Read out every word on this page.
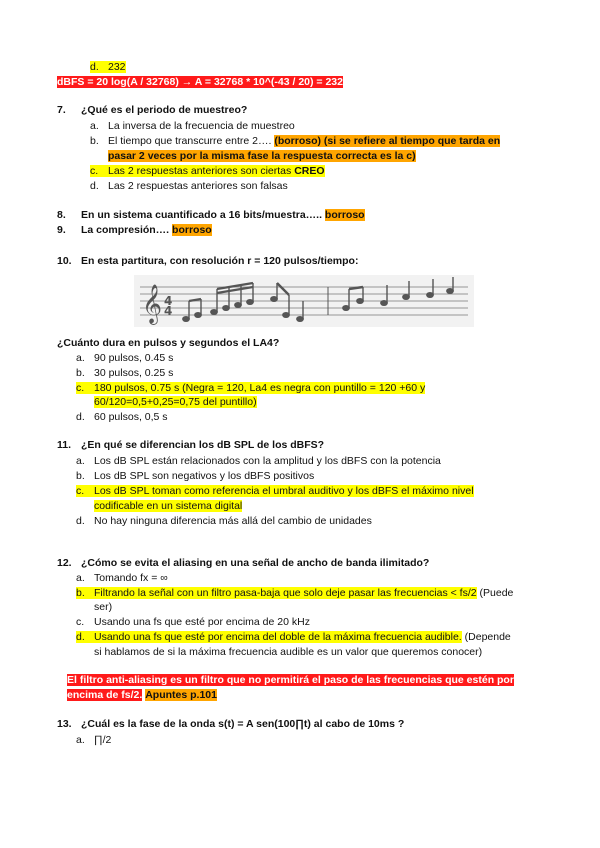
d. 232
dBFS = 20 log(A / 32768) → A = 32768 * 10^(-43 / 20) = 232
7. ¿Qué es el periodo de muestreo?
a. La inversa de la frecuencia de muestreo
b. El tiempo que transcurre entre 2…. (borroso) (si se refiere al tiempo que tarda en
pasar 2 veces por la misma fase la respuesta correcta es la c)
c. Las 2 respuestas anteriores son ciertas CREO
d. Las 2 respuestas anteriores son falsas
8. En un sistema cuantificado a 16 bits/muestra….. borroso
9. La compresión…. borroso
10. En esta partitura, con resolución r = 120 pulsos/tiempo:
𝄞 4
4
¿Cuánto dura en pulsos y segundos el LA4?
a. 90 pulsos, 0.45 s
b. 30 pulsos, 0.25 s
c. 180 pulsos, 0.75 s (Negra = 120, La4 es negra con puntillo = 120 +60 y
60/120=0,5+0,25=0,75 del puntillo)
d. 60 pulsos, 0,5 s
11. ¿En qué se diferencian los dB SPL de los dBFS?
a. Los dB SPL están relacionados con la amplitud y los dBFS con la potencia
b. Los dB SPL son negativos y los dBFS positivos
c. Los dB SPL toman como referencia el umbral auditivo y los dBFS el máximo nivel
codificable en un sistema digital
d. No hay ninguna diferencia más allá del cambio de unidades
12. ¿Cómo se evita el aliasing en una señal de ancho de banda ilimitado?
a. Tomando fx = ∞
b. Filtrando la señal con un filtro pasa-baja que solo deje pasar las frecuencias < fs/2 (Puede
ser)
c. Usando una fs que esté por encima de 20 kHz
d. Usando una fs que esté por encima del doble de la máxima frecuencia audible. (Depende
si hablamos de si la máxima frecuencia audible es un valor que queremos conocer)
El filtro anti-aliasing es un filtro que no permitirá el paso de las frecuencias que estén por
encima de fs/2. Apuntes p.101
13. ¿Cuál es la fase de la onda s(t) = A sen(100∏t) al cabo de 10ms ?
a. ∏/2
